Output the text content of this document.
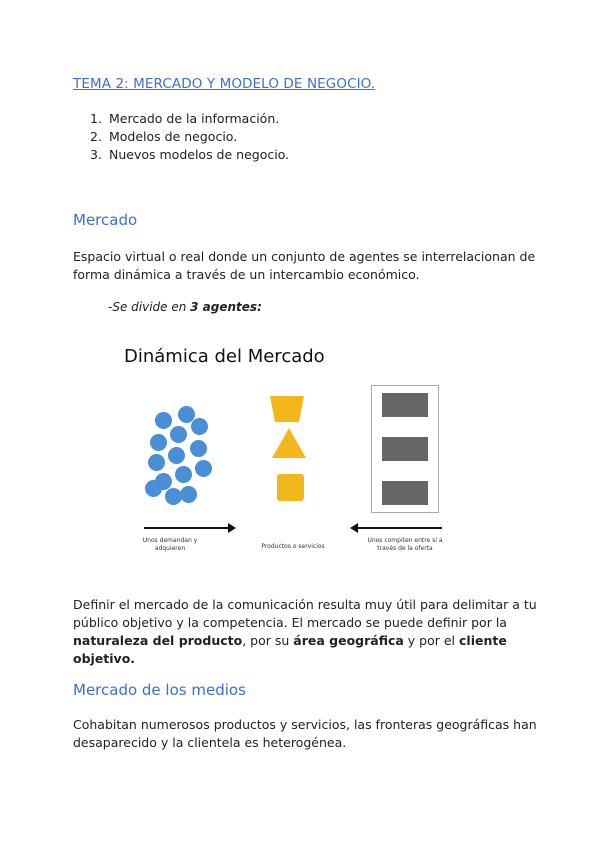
TEMA 2: MERCADO Y MODELO DE NEGOCIO.
1. Mercado de la información.
2. Modelos de negocio.
3. Nuevos modelos de negocio.
Mercado
Espacio virtual o real donde un conjunto de agentes se interrelacionan de forma dinámica a través de un intercambio económico.
-Se divide en 3 agentes:
Dinámica del Mercado
Unos demandan y adquieren	Productos o servicios
Unos compiten entre sí a través de la oferta
Definir el mercado de la comunicación resulta muy útil para delimitar a tu público objetivo y la competencia. El mercado se puede definir por la naturaleza del producto, por su área geográfica y por el cliente objetivo.
Mercado de los medios
Cohabitan numerosos productos y servicios, las fronteras geográficas han desaparecido y la clientela es heterogénea.
